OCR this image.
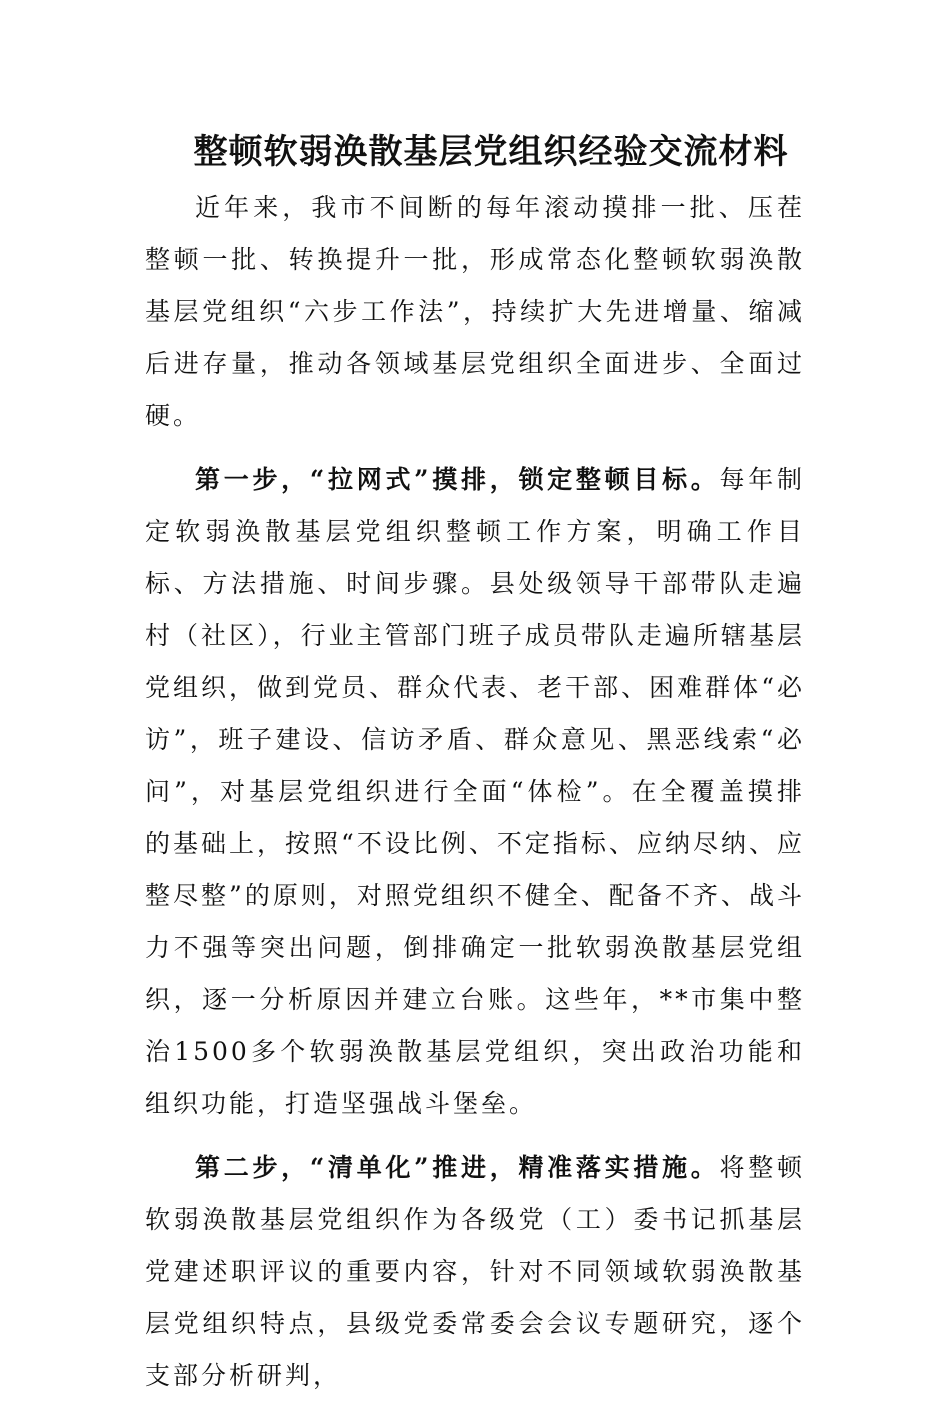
整顿软弱涣散基层党组织经验交流材料

近年来，我市不间断的每年滚动摸排一批、压茬整顿一批、转换提升一批，形成常态化整顿软弱涣散基层党组织“六步工作法”，持续扩大先进增量、缩减后进存量，推动各领域基层党组织全面进步、全面过硬。

第一步，“拉网式”摸排，锁定整顿目标。每年制定软弱涣散基层党组织整顿工作方案，明确工作目标、方法措施、时间步骤。县处级领导干部带队走遍村（社区），行业主管部门班子成员带队走遍所辖基层党组织，做到党员、群众代表、老干部、困难群体“必访”，班子建设、信访矛盾、群众意见、黑恶线索“必问”，对基层党组织进行全面“体检”。在全覆盖摸排的基础上，按照“不设比例、不定指标、应纳尽纳、应整尽整”的原则，对照党组织不健全、配备不齐、战斗力不强等突出问题，倒排确定一批软弱涣散基层党组织，逐一分析原因并建立台账。这些年，**市集中整治1500多个软弱涣散基层党组织，突出政治功能和组织功能，打造坚强战斗堡垒。

第二步，“清单化”推进，精准落实措施。将整顿软弱涣散基层党组织作为各级党（工）委书记抓基层党建述职评议的重要内容，针对不同领域软弱涣散基层党组织特点，县级党委常委会会议专题研究，逐个支部分析研判，
